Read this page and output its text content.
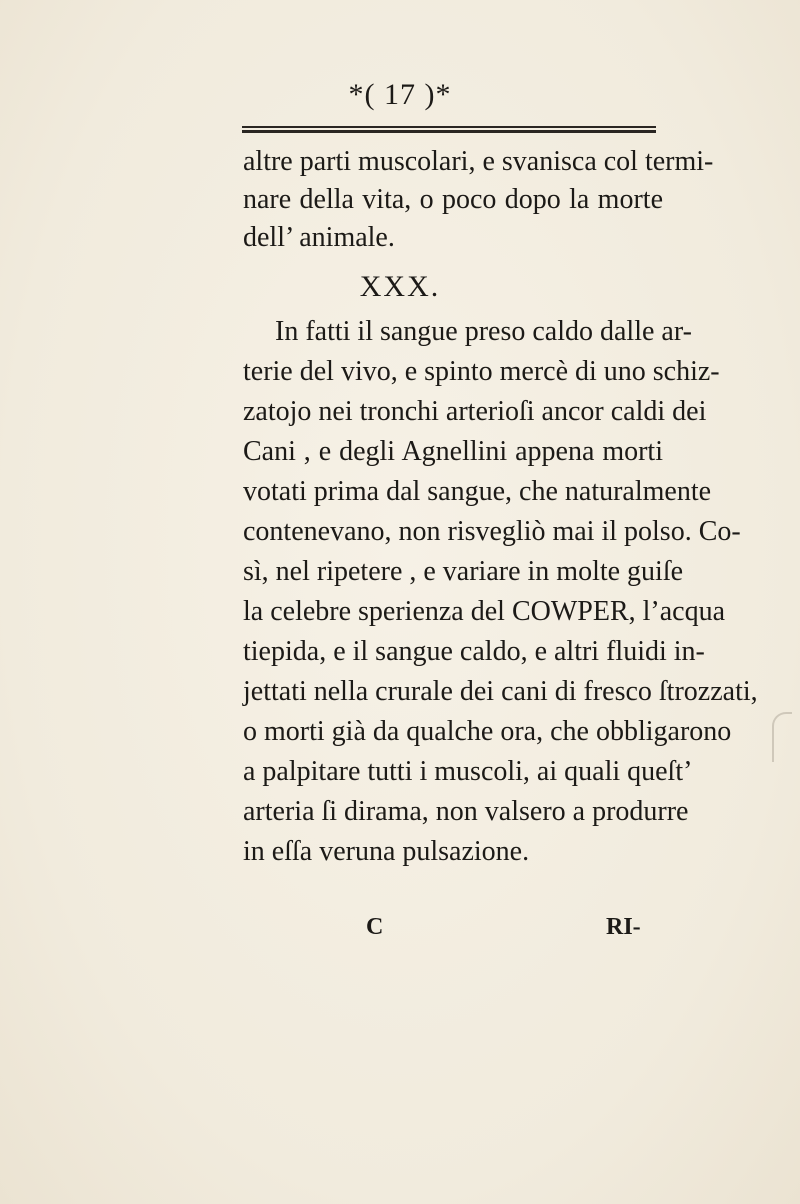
*( 17 )*
altre parti muscolari, e svanisca col termi-
nare della vita, o poco dopo la morte
dell’ animale.
XXX.
In fatti il sangue preso caldo dalle ar-
terie del vivo, e spinto mercè di uno schiz-
zatojo nei tronchi arterioſi ancor caldi dei
Cani , e degli Agnellini appena morti
votati prima dal sangue, che naturalmente
contenevano, non risvegliò mai il polso. Co-
sì, nel ripetere , e variare in molte guiſe
la celebre sperienza del COWPER, l’acqua
tiepida, e il sangue caldo, e altri fluidi in-
jettati nella crurale dei cani di fresco ſtrozzati,
o morti già da qualche ora, che obbligarono
a palpitare tutti i muscoli, ai quali queſt’
arteria ſi dirama, non valsero a produrre
in eſſa veruna pulsazione.
C	RI-
